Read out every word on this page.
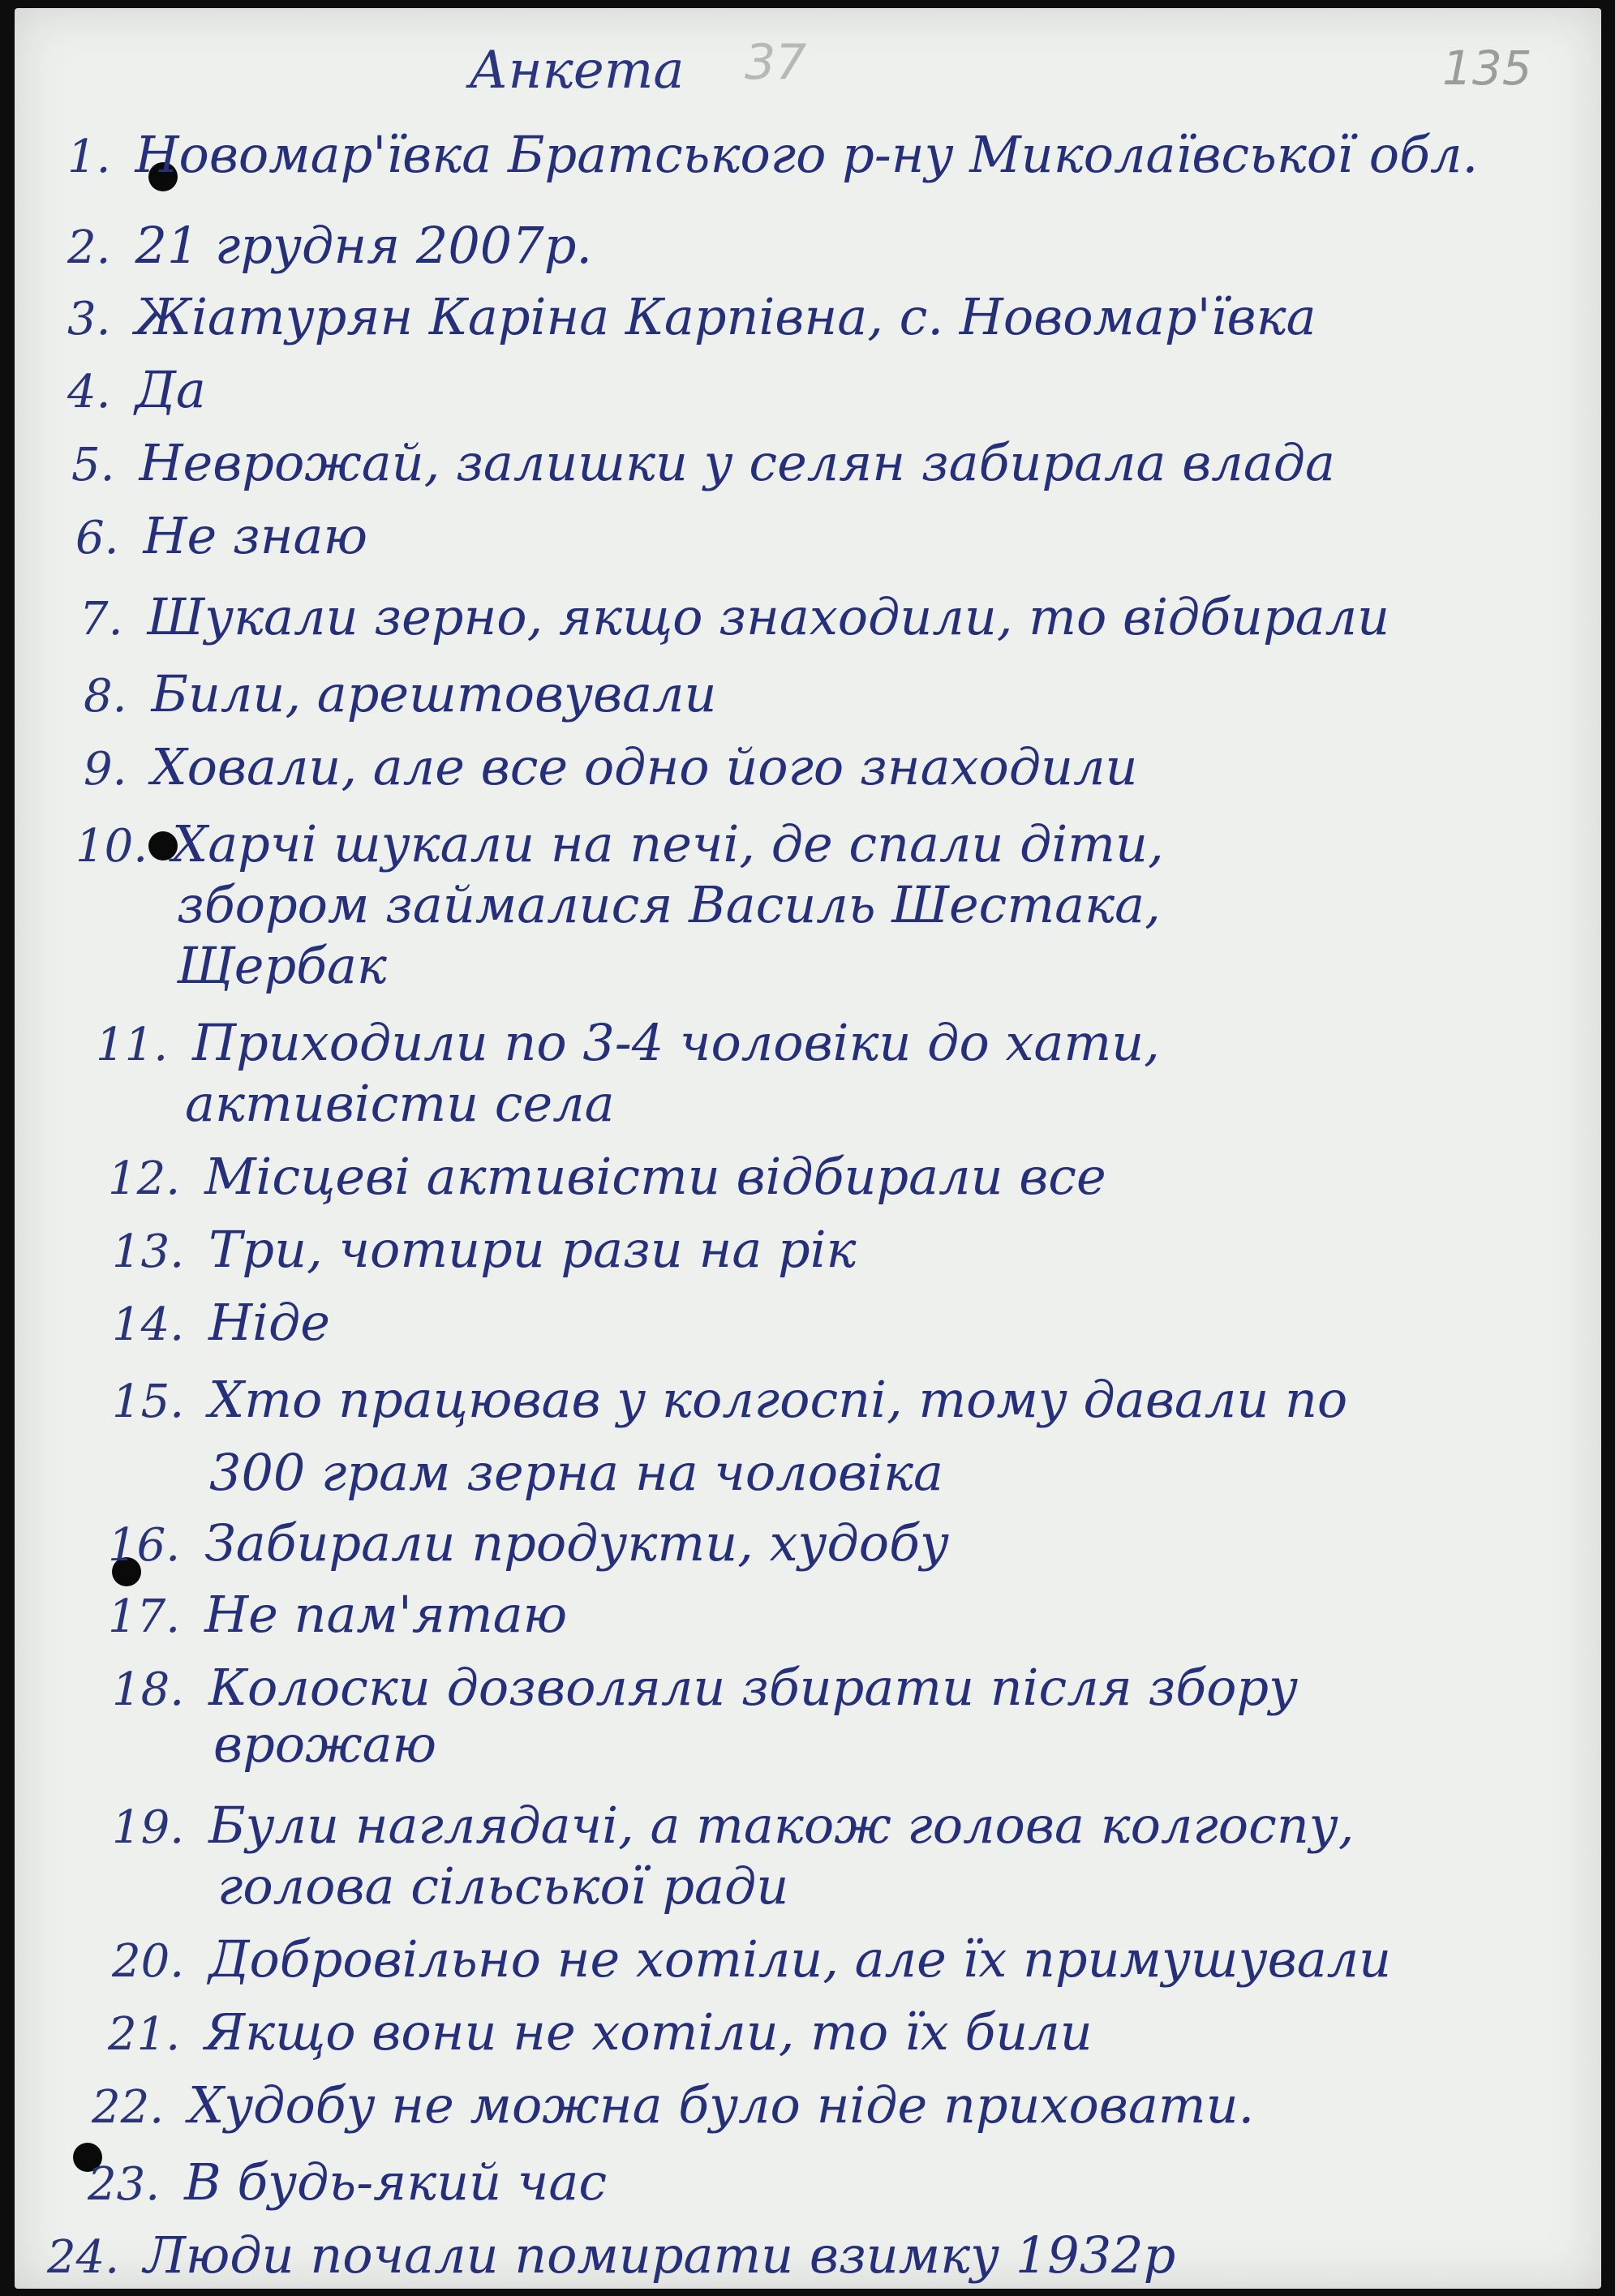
Анкета 37	135
1. Новомар'ївка Братського р-ну Миколаївської обл.
2. 21 грудня 2007р.
3. Жіатурян Каріна Карпівна, с. Новомар'ївка
4. Да
5. Неврожай, залишки у селян забирала влада
6. Не знаю
7. Шукали зерно, якщо знаходили, то відбирали
8. Били, арештовували
9. Ховали, але все одно його знаходили
10. Харчі шукали на печі, де спали діти,
збором займалися Василь Шестака,
Щербак
11. Приходили по 3-4 чоловіки до хати,
активісти села
12. Місцеві активісти відбирали все
13. Три, чотири рази на рік
14. Ніде
15. Хто працював у колгоспі, тому давали по
300 грам зерна на чоловіка
16. Забирали продукти, худобу
17. Не пам'ятаю
18. Колоски дозволяли збирати після збору
врожаю
19. Були наглядачі, а також голова колгоспу,
голова сільської ради
20. Добровільно не хотіли, але їх примушували
21. Якщо вони не хотіли, то їх били
22. Худобу не можна було ніде приховати.
23. В будь-який час
24. Люди почали помирати взимку 1932р
